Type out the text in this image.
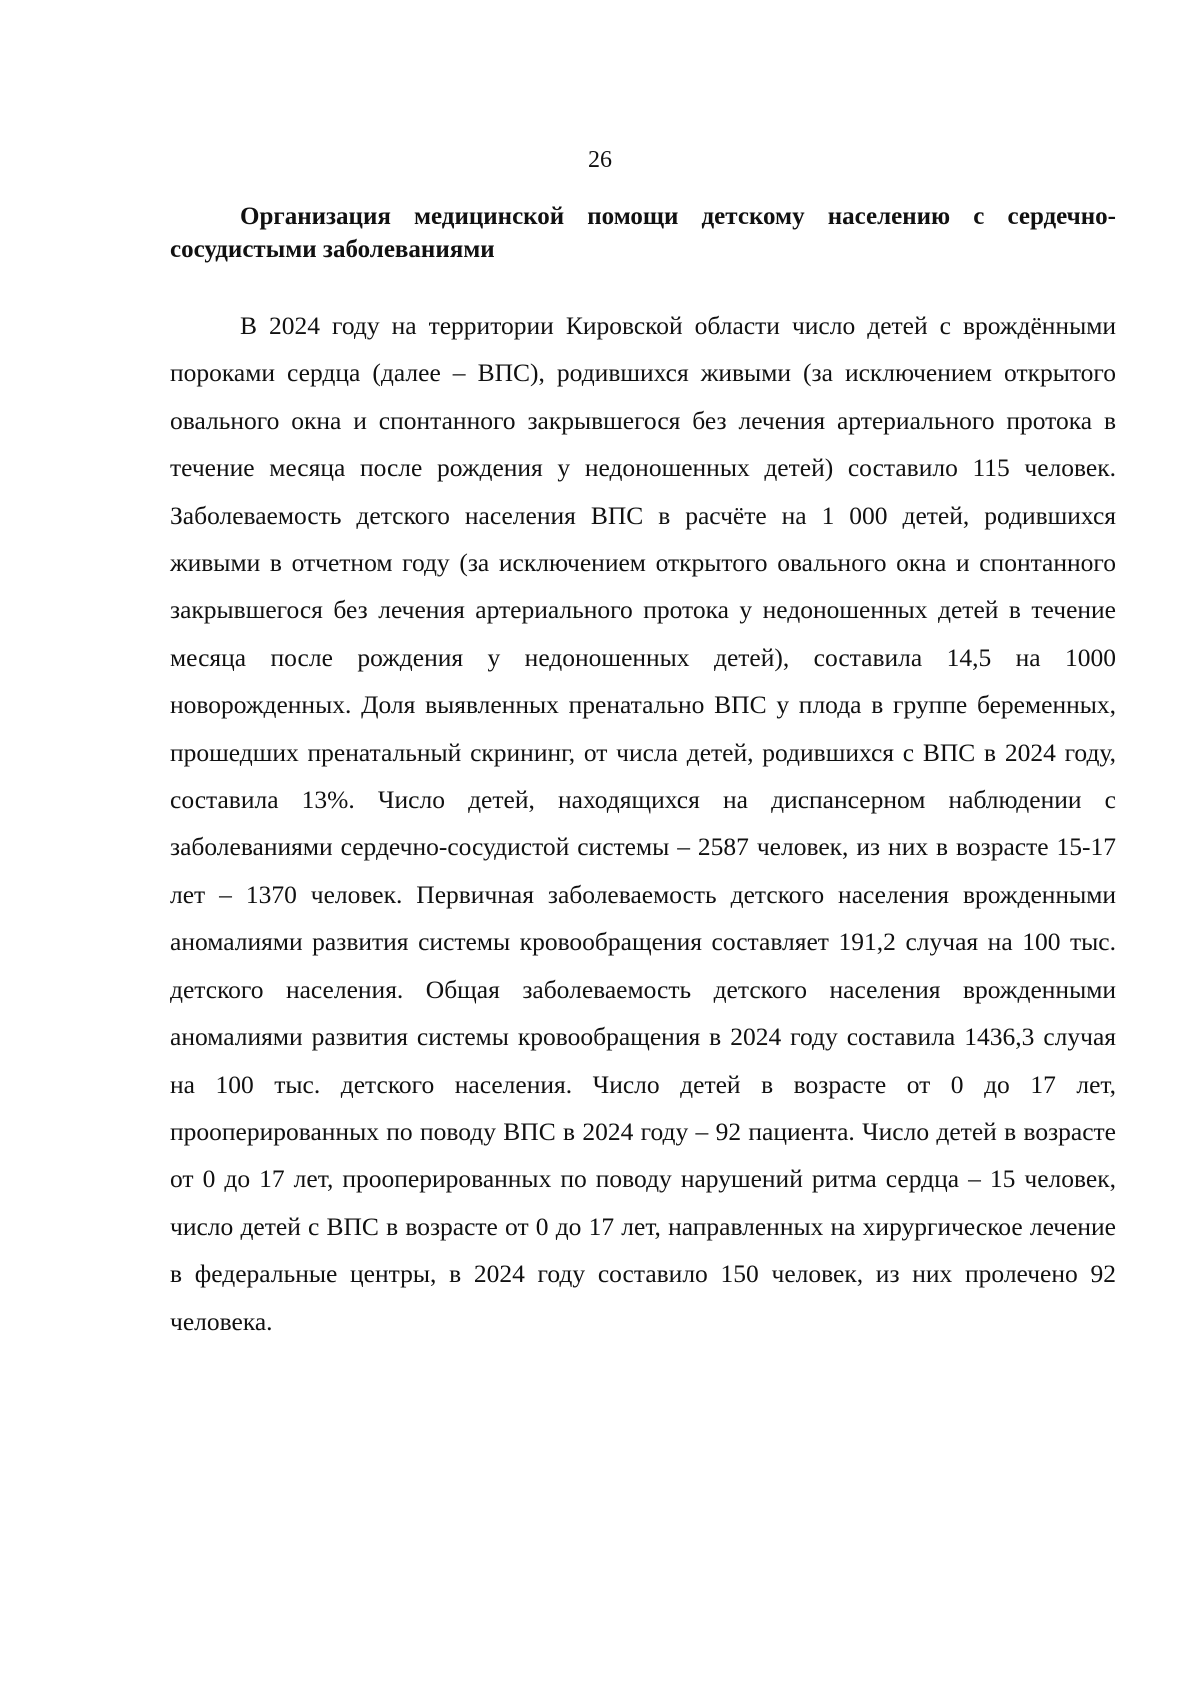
26
Организация медицинской помощи детскому населению с сердечно-сосудистыми заболеваниями

В 2024 году на территории Кировской области число детей с врождёнными пороками сердца (далее – ВПС), родившихся живыми (за исключением открытого овального окна и спонтанного закрывшегося без лечения артериального протока в течение месяца после рождения у недоношенных детей) составило 115 человек. Заболеваемость детского населения ВПС в расчёте на 1 000 детей, родившихся живыми в отчетном году (за исключением открытого овального окна и спонтанного закрывшегося без лечения артериального протока у недоношенных детей в течение месяца после рождения у недоношенных детей), составила 14,5 на 1000 новорожденных. Доля выявленных пренатально ВПС у плода в группе беременных, прошедших пренатальный скрининг, от числа детей, родившихся с ВПС в 2024 году, составила 13%. Число детей, находящихся на диспансерном наблюдении с заболеваниями сердечно-сосудистой системы – 2587 человек, из них в возрасте 15-17 лет – 1370 человек. Первичная заболеваемость детского населения врожденными аномалиями развития системы кровообращения составляет 191,2 случая на 100 тыс. детского населения. Общая заболеваемость детского населения врожденными аномалиями развития системы кровообращения в 2024 году составила 1436,3 случая на 100 тыс. детского населения. Число детей в возрасте от 0 до 17 лет, прооперированных по поводу ВПС в 2024 году – 92 пациента. Число детей в возрасте от 0 до 17 лет, прооперированных по поводу нарушений ритма сердца – 15 человек, число детей с ВПС в возрасте от 0 до 17 лет, направленных на хирургическое лечение в федеральные центры, в 2024 году составило 150 человек, из них пролечено 92 человека.
